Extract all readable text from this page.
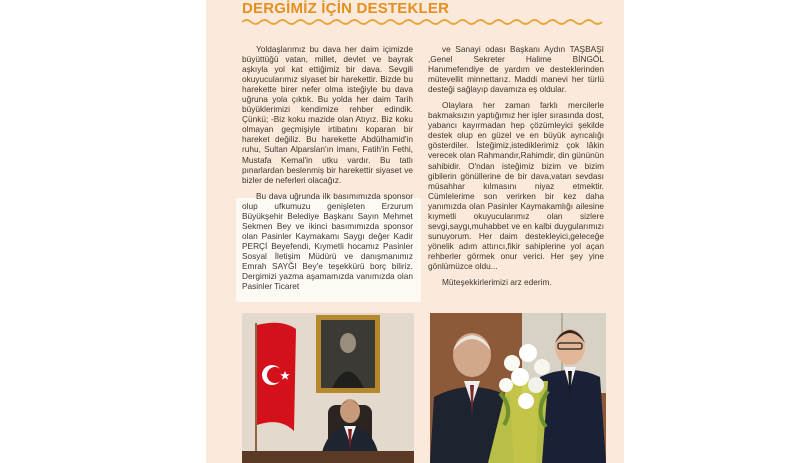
DERGİMİZ İÇİN DESTEKLER

Yoldaşlarımız bu dava her daim içimizde büyüttüğü vatan, millet, devlet ve bayrak aşkıyla yol kat ettiğimiz bir dava. Sevgili okuyucularımız siyaset bir harekettir. Bizde bu harekette birer nefer olma isteğiyle bu dava uğruna yola çıktık. Bu yolda her daim Tarih büyüklerimizi kendimize rehber edindik. Çünkü; -Biz koku mazide olan Atıyız. Biz koku olmayan geçmişiyle irtibatını koparan bir hareket değiliz. Bu harekette Abdülhamid'in ruhu, Sultan Alparslan'ın imanı, Fatih'in Fethi, Mustafa Kemal'in utku vardır. Bu tatlı pınarlardan beslenmiş bir harekettir siyaset ve bizler de neferleri olacağız.

Bu dava uğrunda ilk basımımızda sponsor olup ufkumuzu genişleten Erzurum Büyükşehir Belediye Başkanı Sayın Mehmet Sekmen Bey ve ikinci basımımızda sponsor olan Pasinler Kaymakamı Saygı değer Kadir PERÇİ Beyefendi, Kıymetli hocamız Pasinler Sosyal İletişim Müdürü ve danışmanımız Emrah SAYĞI Bey'e teşekkürü borç biliriz. Dergimizi yazma aşamamızda vanımızda olan Pasinler Ticaret

ve Sanayi odası Başkanı Aydın TAŞBAŞI ,Genel Sekreter Halime BİNGÖL Hanımefendiye de yardım ve desteklerinden mütevellit minnettarız. Maddi manevi her türlü desteği sağlayıp davamıza eş oldular.

Olaylara her zaman farklı mercilerle bakmaksızın yaptığımız her işler sırasında dost, yabancı kayırmadan hep çözümleyici şekilde destek olup en güzel ve en büyük ayrıcalığı gösterdiler. İsteğimiz,istediklerimiz çok lâkin verecek olan Rahmandır,Rahimdir, din gününün sahibidir. O'ndan isteğimiz bizim ve bizim gibilerin gönüllerine de bir dava,vatan sevdası müsahhar kılmasını niyaz etmektir. Cümlelerime son verirken bir kez daha yanımızda olan Pasinler Kaymakamlığı ailesine kıymetli okuyucularımız olan sizlere sevgi,saygı,muhabbet ve en kalbi duygularımızı sunuyorum. Her daim destekleyici,geleceğe yönelik adım attırıcı,fikir sahiplerine yol açan rehberler görmek onur verici. Her şey yine gönlümüzce oldu...

Müteşekkirlerimizi arz ederim.
